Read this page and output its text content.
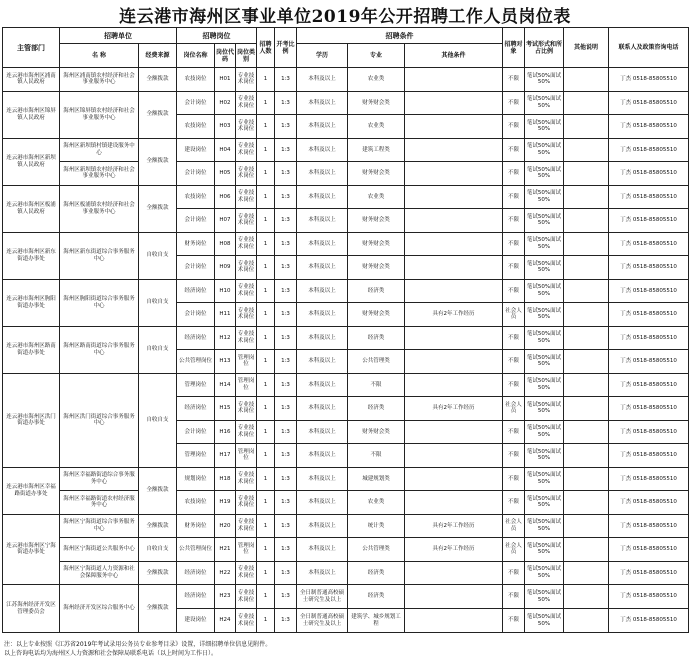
连云港市海州区事业单位2019年公开招聘工作人员岗位表
主管部门	招聘单位		招聘岗位			招聘人数	开考比例	招聘条件			招聘对象	考试形式和所占比例	其他说明	联系人及政策咨询电话
	名 称	经费来源	岗位名称	岗位代码	岗位类别			学历	专业	其他条件				
连云港市海州区浦南镇人民政府	海州区浦南镇农村经济和社会事业服务中心	全额拨款	农技岗位	H01	专业技术岗位	1	1:3	本科及以上	农业类		不限	笔试50%面试50%		丁杰 0518-85805510
连云港市海州区锦屏镇人民政府	海州区锦屏镇农村经济和社会事业服务中心	全额拨款	会计岗位	H02	专业技术岗位	1	1:3	本科及以上	财务财会类		不限	笔试50%面试50%		丁杰 0518-85805510
			农技岗位	H03	专业技术岗位	1	1:3	本科及以上	农业类		不限	笔试50%面试50%		丁杰 0518-85805510
连云港市海州区新坝镇人民政府	海州区新坝镇村镇建设服务中心	全额拨款	建设岗位	H04	专业技术岗位	1	1:3	本科及以上	建筑工程类		不限	笔试50%面试50%		丁杰 0518-85805510
	海州区新坝镇农村经济和社会事业服务中心		会计岗位	H05	专业技术岗位	1	1:3	本科及以上	财务财会类		不限	笔试50%面试50%		丁杰 0518-85805510
连云港市海州区板浦镇人民政府	海州区板浦镇农村经济和社会事业服务中心	全额拨款	农技岗位	H06	专业技术岗位	1	1:3	本科及以上	农业类		不限	笔试50%面试50%		丁杰 0518-85805510
			会计岗位	H07	专业技术岗位	1	1:3	本科及以上	财务财会类		不限	笔试50%面试50%		丁杰 0518-85805510
连云港市海州区新东街道办事处	海州区新东街道综合事务服务中心	自收自支	财务岗位	H08	专业技术岗位	1	1:3	本科及以上	财务财会类		不限	笔试50%面试50%		丁杰 0518-85805510
			会计岗位	H09	专业技术岗位	1	1:3	本科及以上	财务财会类		不限	笔试50%面试50%		丁杰 0518-85805510
连云港市海州区朐阳街道办事处	海州区朐阳街道综合事务服务中心	自收自支	经济岗位	H10	专业技术岗位	1	1:3	本科及以上	经济类		不限	笔试50%面试50%		丁杰 0518-85805510
			会计岗位	H11	专业技术岗位	1	1:3	本科及以上	财务财会类	具有2年工作经历	社会人员	笔试50%面试50%		丁杰 0518-85805510
连云港市海州区路南街道办事处	海州区路南街道综合事务服务中心	自收自支	经济岗位	H12	专业技术岗位	1	1:3	本科及以上	经济类		不限	笔试50%面试50%		丁杰 0518-85805510
			公共管理岗位	H13	管理岗位	1	1:3	本科及以上	公共管理类		不限	笔试50%面试50%		丁杰 0518-85805510
连云港市海州区洪门街道办事处	海州区洪门街道综合事务服务中心	自收自支	管理岗位	H14	管理岗位	1	1:3	本科及以上	不限		不限	笔试50%面试50%		丁杰 0518-85805510
			经济岗位	H15	专业技术岗位	1	1:3	本科及以上	经济类	具有2年工作经历	社会人员	笔试50%面试50%		丁杰 0518-85805510
			会计岗位	H16	专业技术岗位	1	1:3	本科及以上	财务财会类		不限	笔试50%面试50%		丁杰 0518-85805510
			管理岗位	H17	管理岗位	1	1:3	本科及以上	不限		不限	笔试50%面试50%		丁杰 0518-85805510
连云港市海州区幸福路街道办事处	海州区幸福路街道综合事务服务中心	全额拨款	规划岗位	H18	专业技术岗位	1	1:3	本科及以上	城建规划类		不限	笔试50%面试50%		丁杰 0518-85805510
	海州区幸福路街道农村经济服务中心		农技岗位	H19	专业技术岗位	1	1:3	本科及以上	农业类		不限	笔试50%面试50%		丁杰 0518-85805510
连云港市海州区宁海街道办事处	海州区宁海街道综合事务服务中心	全额拨款	财务岗位	H20	专业技术岗位	1	1:3	本科及以上	统计类	具有2年工作经历	社会人员	笔试50%面试50%		丁杰 0518-85805510
	海州区宁海街道公共服务中心	自收自支	公共管理岗位	H21	管理岗位	1	1:3	本科及以上	公共管理类	具有2年工作经历	社会人员	笔试50%面试50%		丁杰 0518-85805510
	海州区宁海街道人力资源和社会保障服务中心	全额拨款	经济岗位	H22	专业技术岗位	1	1:3	本科及以上	经济类		不限	笔试50%面试50%		丁杰 0518-85805510
江苏海州经济开发区管理委员会	海州经济开发区综合服务中心	全额拨款	经济岗位	H23	专业技术岗位	1	1:3	全日制普通高校硕士研究生及以上	经济类		不限	笔试50%面试50%		丁杰 0518-85805510
			建设岗位	H24	专业技术岗位	1	1:3	全日制普通高校硕士研究生及以上	建筑学、城乡规划工程		不限	笔试50%面试50%		丁杰 0518-85805510
注：以上专业按照《江苏省2019年考试录用公务员专业参考目录》设置，详细招聘单位信息见附件。
以上咨询电话均为海州区人力资源和社会保障局联系电话（以上时间为工作日）。
